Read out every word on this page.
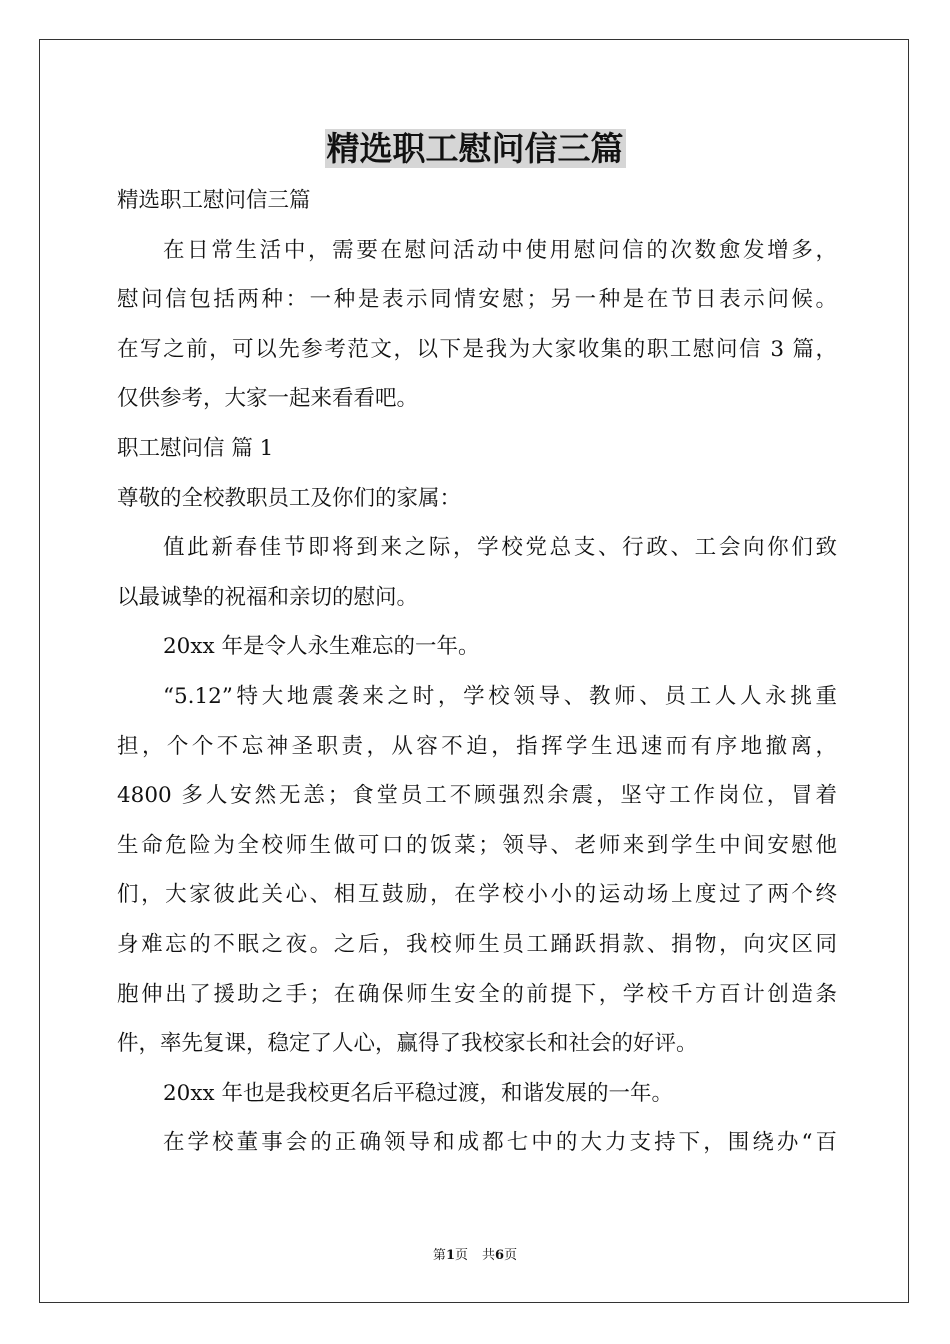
精选职工慰问信三篇
精选职工慰问信三篇
在日常生活中，需要在慰问活动中使用慰问信的次数愈发增多，
慰问信包括两种：一种是表示同情安慰；另一种是在节日表示问候。
在写之前，可以先参考范文，以下是我为大家收集的职工慰问信 3 篇，
仅供参考，大家一起来看看吧。
职工慰问信 篇 1
尊敬的全校教职员工及你们的家属：
值此新春佳节即将到来之际，学校党总支、行政、工会向你们致
以最诚挚的祝福和亲切的慰问。
20xx 年是令人永生难忘的一年。
“5.12”特大地震袭来之时，学校领导、教师、员工人人永挑重
担，个个不忘神圣职责，从容不迫，指挥学生迅速而有序地撤离，
4800 多人安然无恙；食堂员工不顾强烈余震，坚守工作岗位，冒着
生命危险为全校师生做可口的饭菜；领导、老师来到学生中间安慰他
们，大家彼此关心、相互鼓励，在学校小小的运动场上度过了两个终
身难忘的不眠之夜。之后，我校师生员工踊跃捐款、捐物，向灾区同
胞伸出了援助之手；在确保师生安全的前提下，学校千方百计创造条
件，率先复课，稳定了人心，赢得了我校家长和社会的好评。
20xx 年也是我校更名后平稳过渡，和谐发展的一年。
在学校董事会的正确领导和成都七中的大力支持下，围绕办“百
第1页 共6页
